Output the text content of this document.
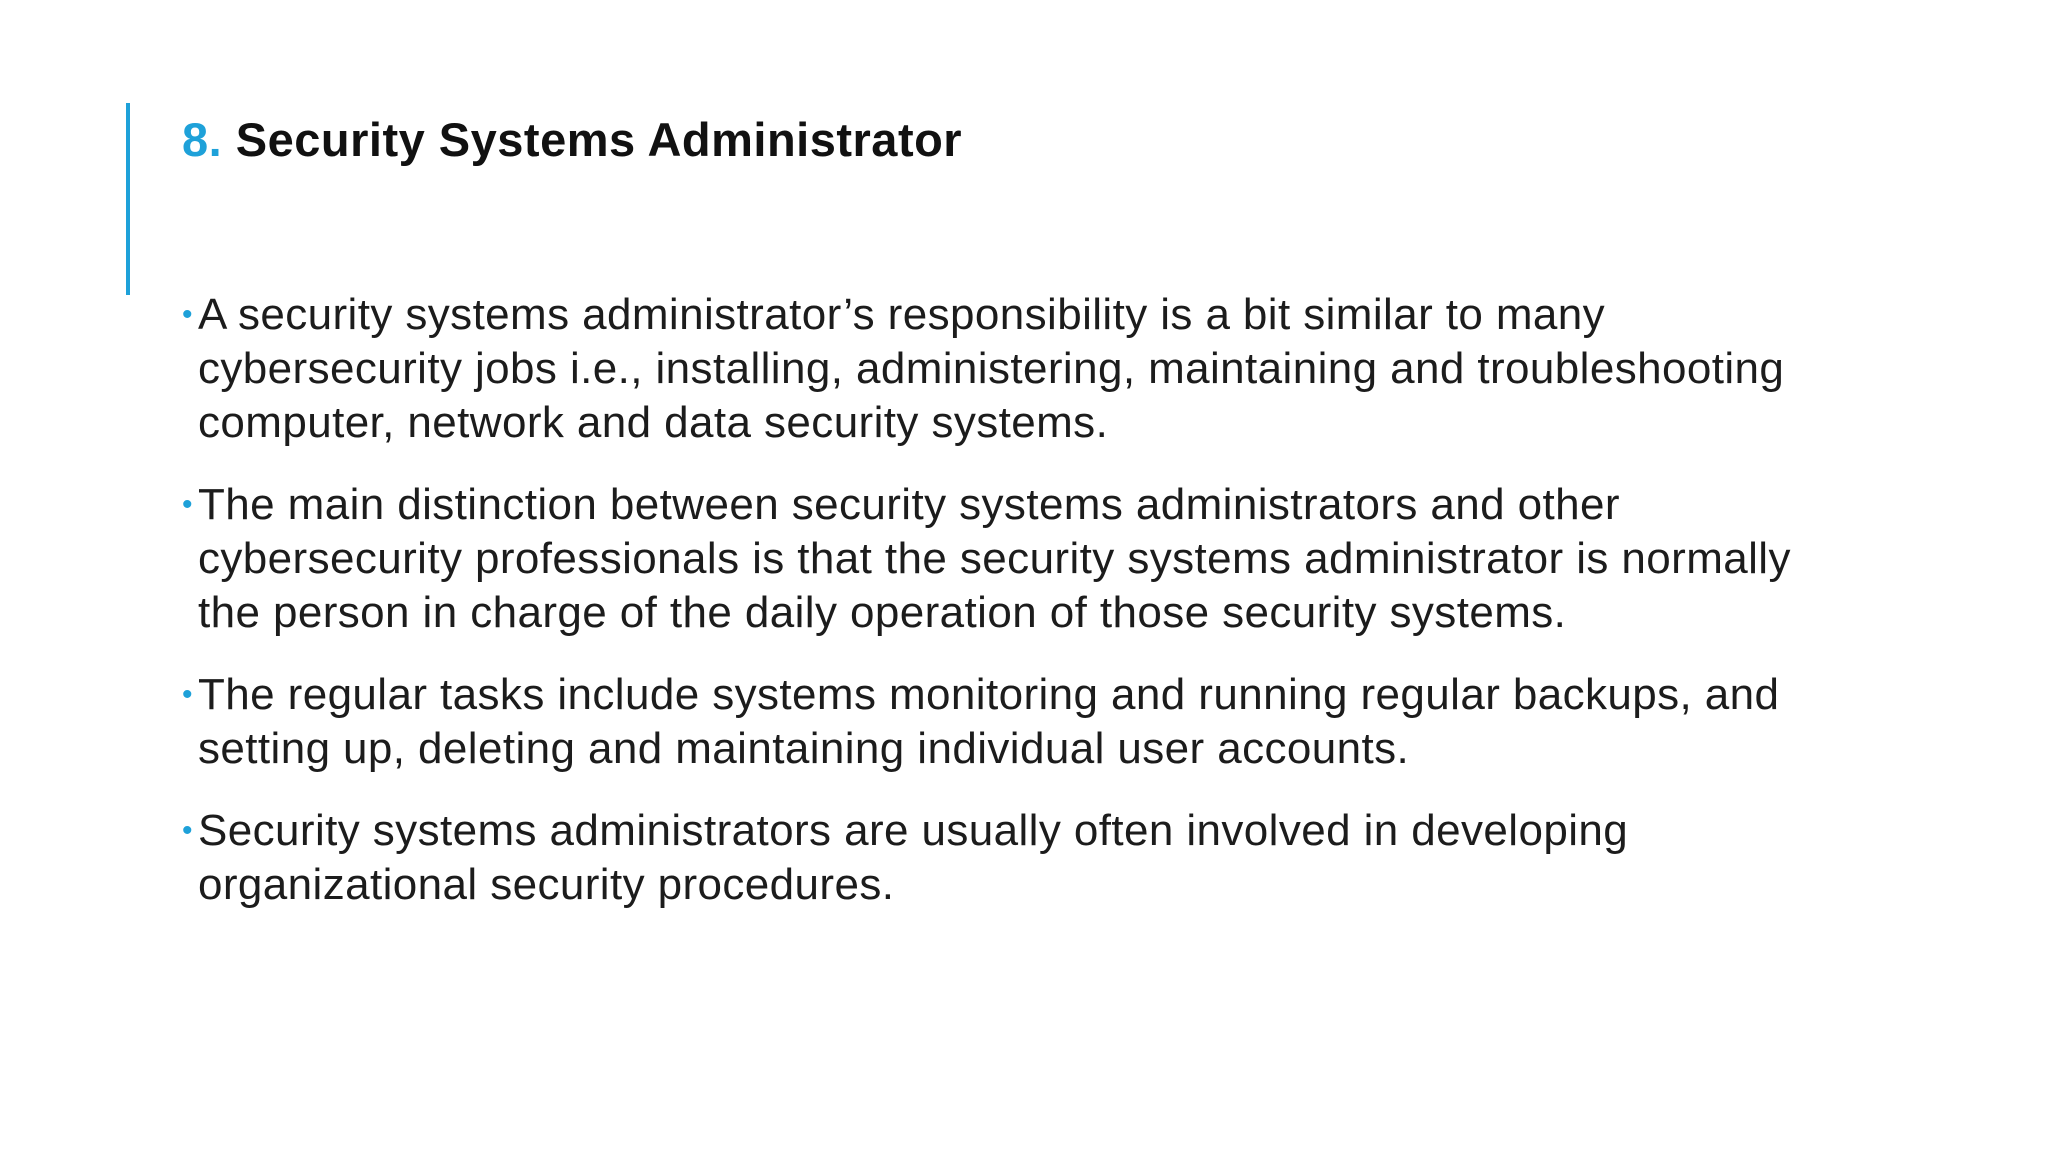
8. Security Systems Administrator
• A security systems administrator’s responsibility is a bit similar to many cybersecurity jobs i.e., installing, administering, maintaining and troubleshooting computer, network and data security systems.
• The main distinction between security systems administrators and other cybersecurity professionals is that the security systems administrator is normally the person in charge of the daily operation of those security systems.
• The regular tasks include systems monitoring and running regular backups, and setting up, deleting and maintaining individual user accounts.
• Security systems administrators are usually often involved in developing organizational security procedures.
